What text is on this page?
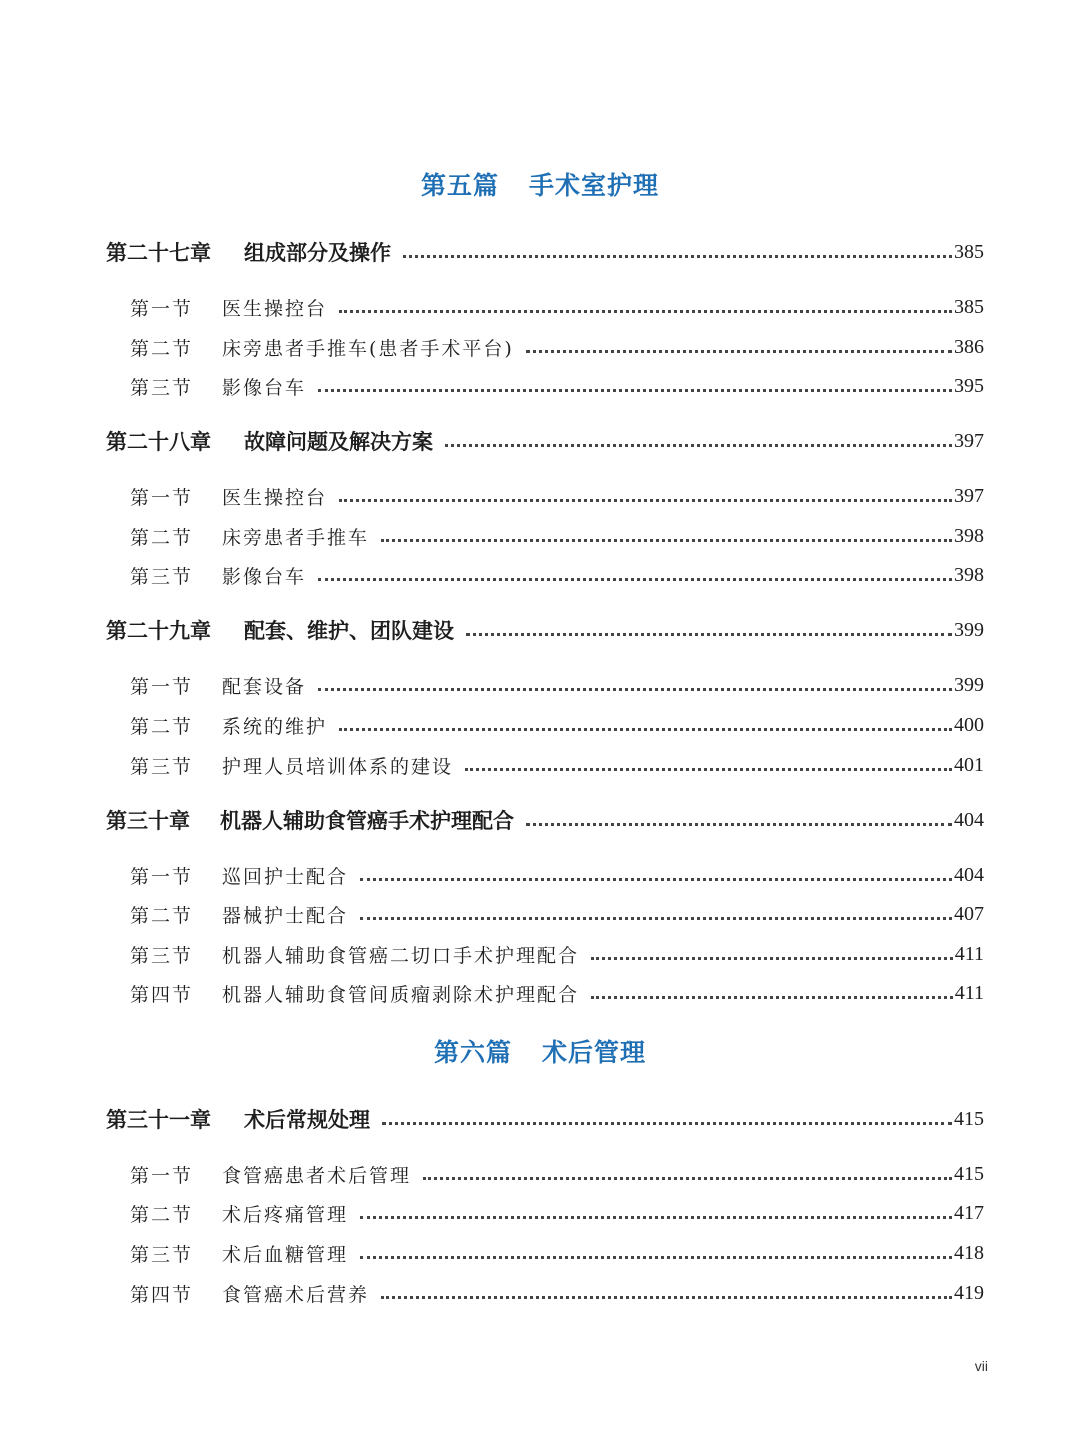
第五篇 手术室护理
第二十七章	组成部分及操作	385
第一节	医生操控台	385
第二节	床旁患者手推车(患者手术平台)	386
第三节	影像台车	395
第二十八章	故障问题及解决方案	397
第一节	医生操控台	397
第二节	床旁患者手推车	398
第三节	影像台车	398
第二十九章	配套、维护、团队建设	399
第一节	配套设备	399
第二节	系统的维护	400
第三节	护理人员培训体系的建设	401
第三十章	机器人辅助食管癌手术护理配合	404
第一节	巡回护士配合	404
第二节	器械护士配合	407
第三节	机器人辅助食管癌二切口手术护理配合	411
第四节	机器人辅助食管间质瘤剥除术护理配合	411
第六篇 术后管理
第三十一章	术后常规处理	415
第一节	食管癌患者术后管理	415
第二节	术后疼痛管理	417
第三节	术后血糖管理	418
第四节	食管癌术后营养	419
vii
